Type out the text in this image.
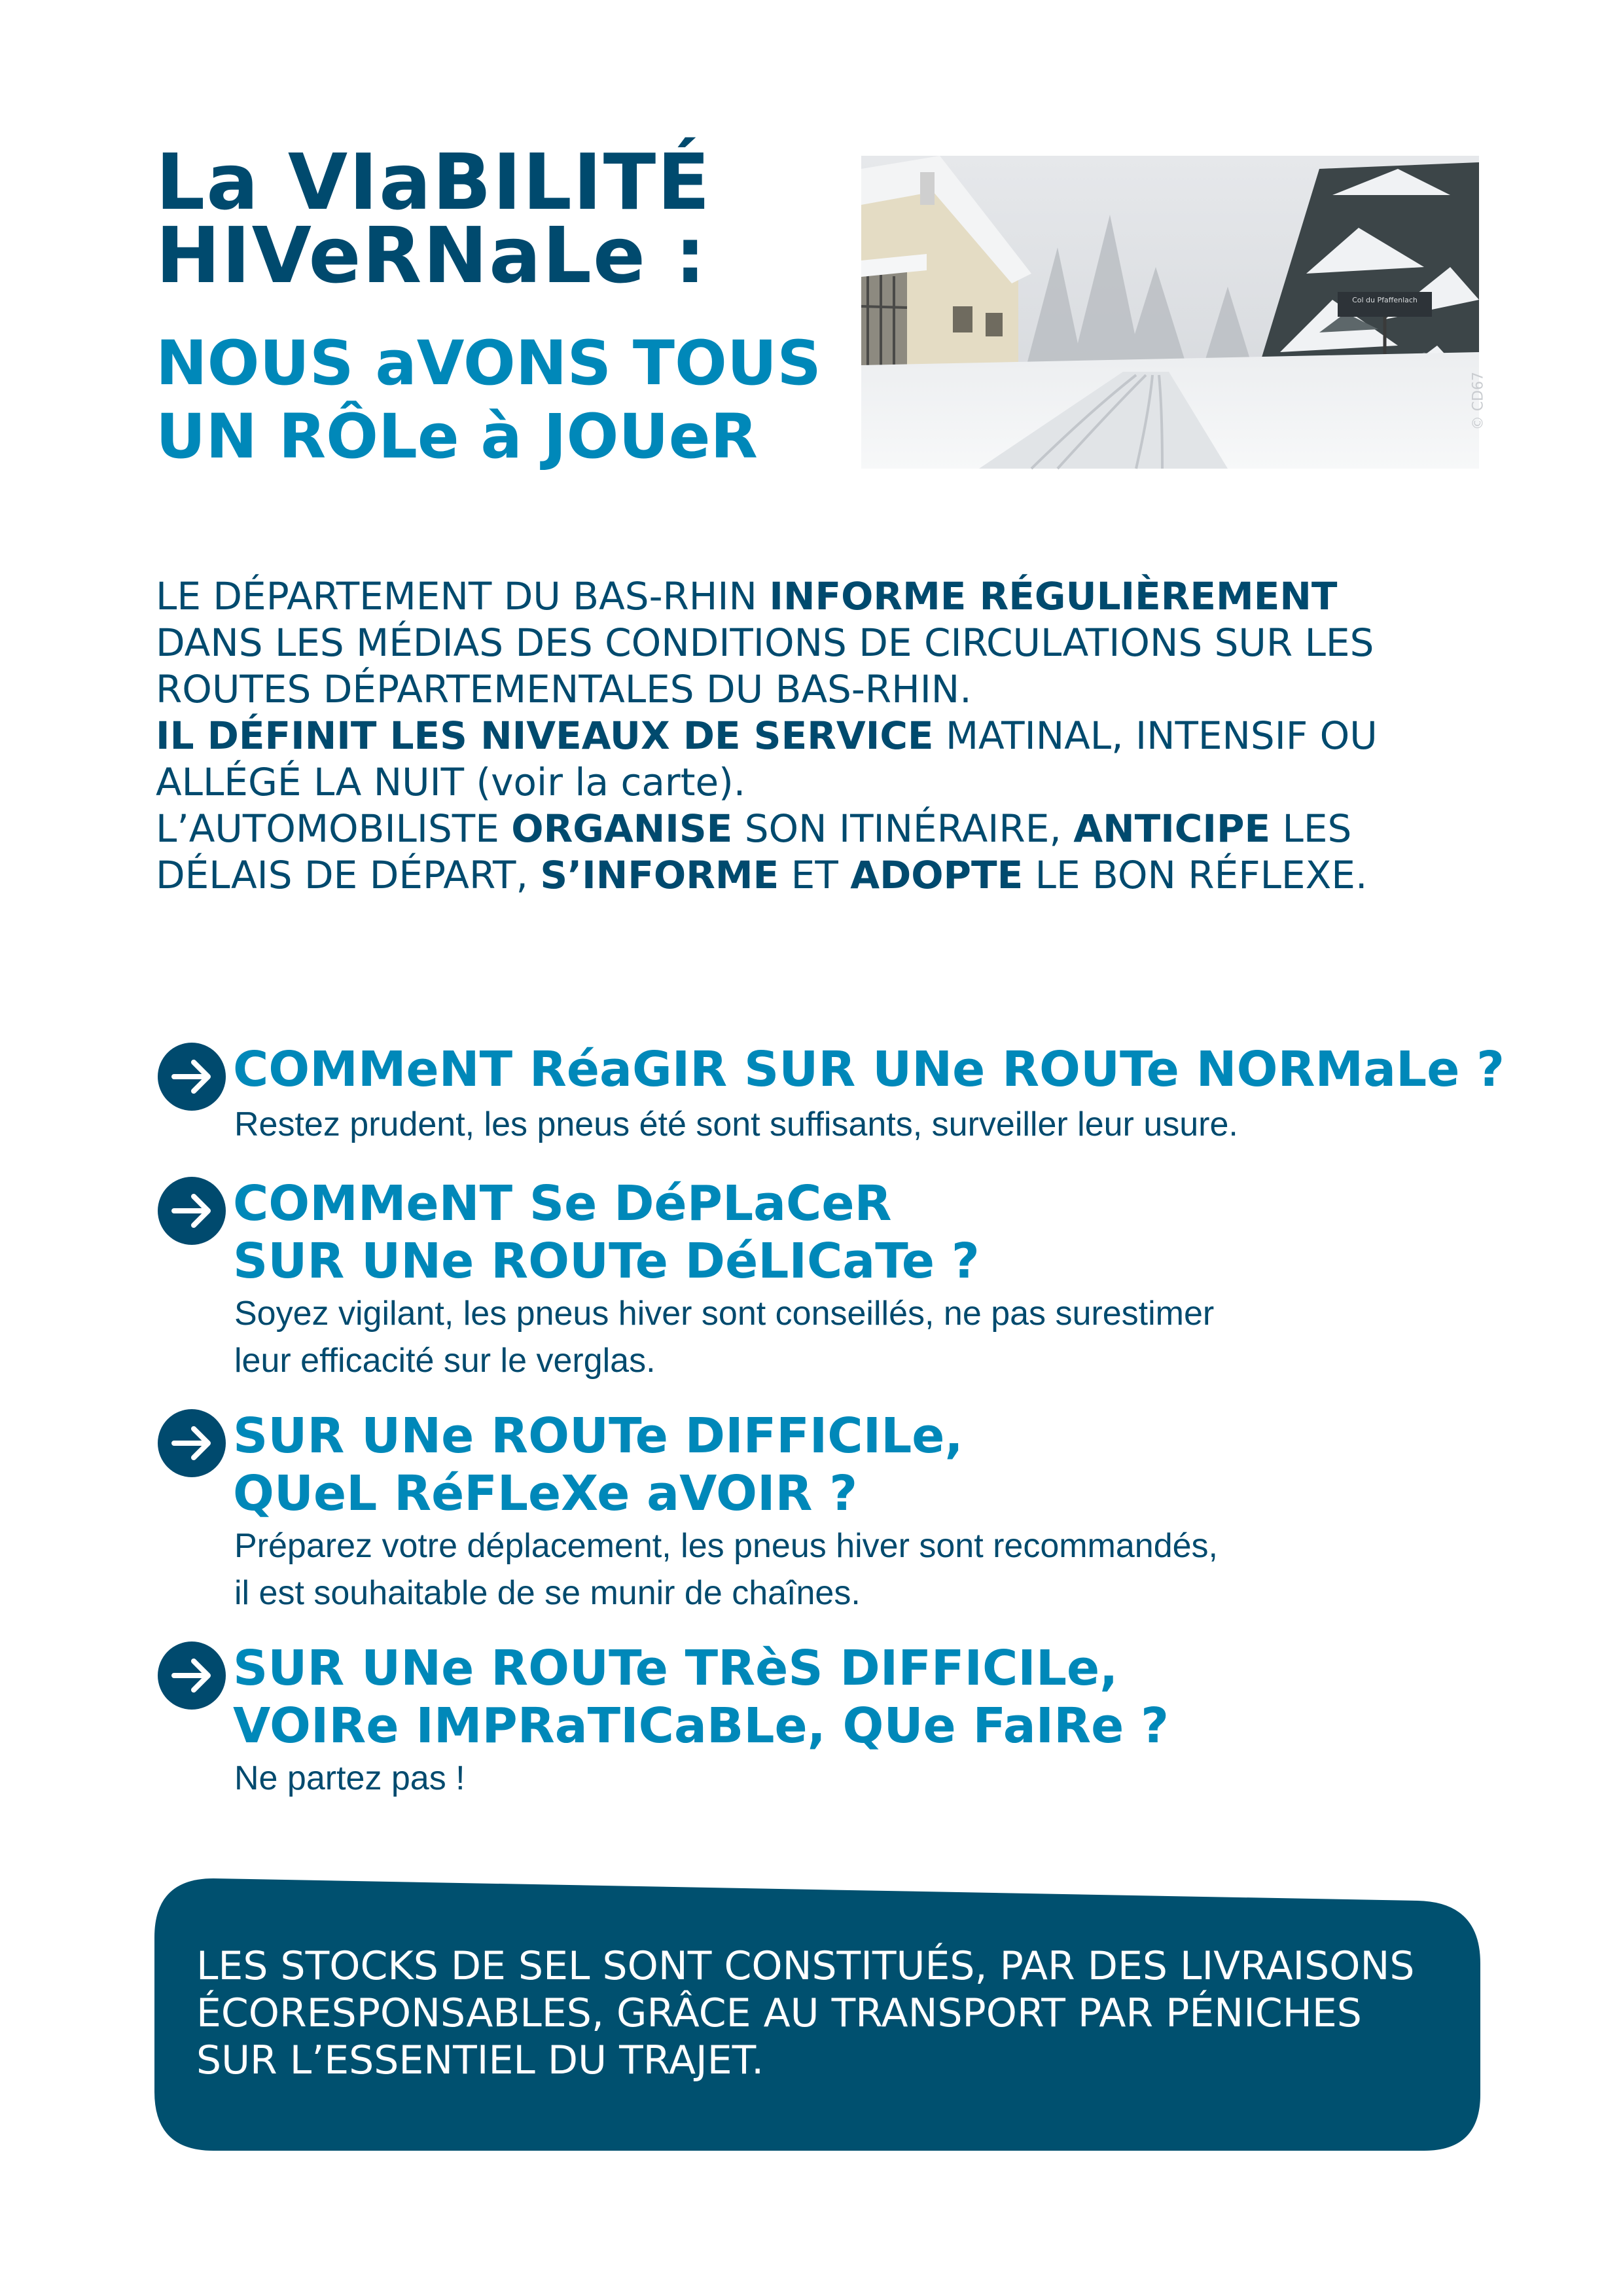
La VIaBILITÉ
HIVeRNaLe :
NOUS aVONS TOUS
UN RÔLe à JOUeR
Col du Pfaffenlach
© CD67
LE DÉPARTEMENT DU BAS-RHIN INFORME RÉGULIÈREMENT
DANS LES MÉDIAS DES CONDITIONS DE CIRCULATIONS SUR LES
ROUTES DÉPARTEMENTALES DU BAS-RHIN.
IL DÉFINIT LES NIVEAUX DE SERVICE MATINAL, INTENSIF OU
ALLÉGÉ LA NUIT (voir la carte).
L’AUTOMOBILISTE ORGANISE SON ITINÉRAIRE, ANTICIPE LES
DÉLAIS DE DÉPART, S’INFORME ET ADOPTE LE BON RÉFLEXE.
COMMeNT RéaGIR SUR UNe ROUTe NORMaLe ?
Restez prudent, les pneus été sont suffisants, surveiller leur usure.
COMMeNT Se DéPLaCeR
SUR UNe ROUTe DéLICaTe ?
Soyez vigilant, les pneus hiver sont conseillés, ne pas surestimer
leur efficacité sur le verglas.
SUR UNe ROUTe DIFFICILe,
QUeL RéFLeXe aVOIR ?
Préparez votre déplacement, les pneus hiver sont recommandés,
il est souhaitable de se munir de chaînes.
SUR UNe ROUTe TRèS DIFFICILe,
VOIRe IMPRaTICaBLe, QUe FaIRe ?
Ne partez pas !
LES STOCKS DE SEL SONT CONSTITUÉS, PAR DES LIVRAISONS
ÉCORESPONSABLES, GRÂCE AU TRANSPORT PAR PÉNICHES
SUR L’ESSENTIEL DU TRAJET.
